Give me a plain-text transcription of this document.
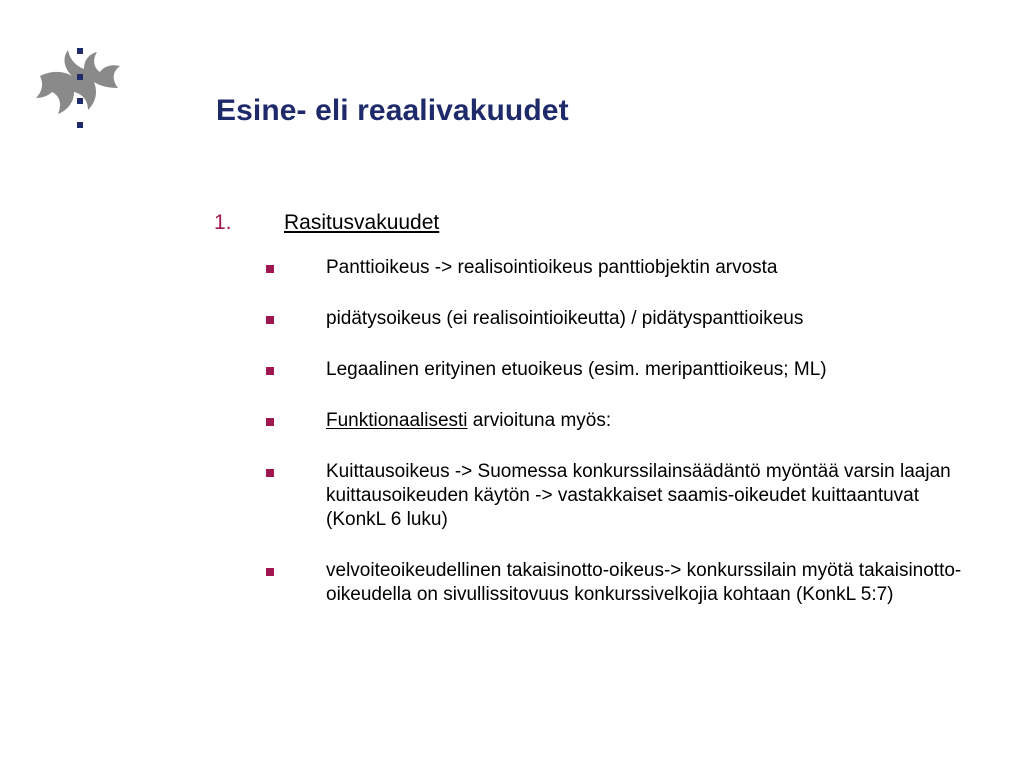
Esine- eli reaalivakuudet
1.	Rasitusvakuudet
Panttioikeus -> realisointioikeus panttiobjektin arvosta
pidätysoikeus (ei realisointioikeutta) / pidätyspanttioikeus
Legaalinen erityinen etuoikeus (esim. meripanttioikeus; ML)
Funktionaalisesti arvioituna myös:
Kuittausoikeus -> Suomessa konkurssilainsäädäntö myöntää varsin laajan kuittausoikeuden käytön -> vastakkaiset saamis-oikeudet kuittaantuvat (KonkL 6 luku)
velvoiteoikeudellinen takaisinotto-oikeus-> konkurssilain myötä takaisinotto-oikeudella on sivullissitovuus konkurssivelkojia kohtaan (KonkL 5:7)
